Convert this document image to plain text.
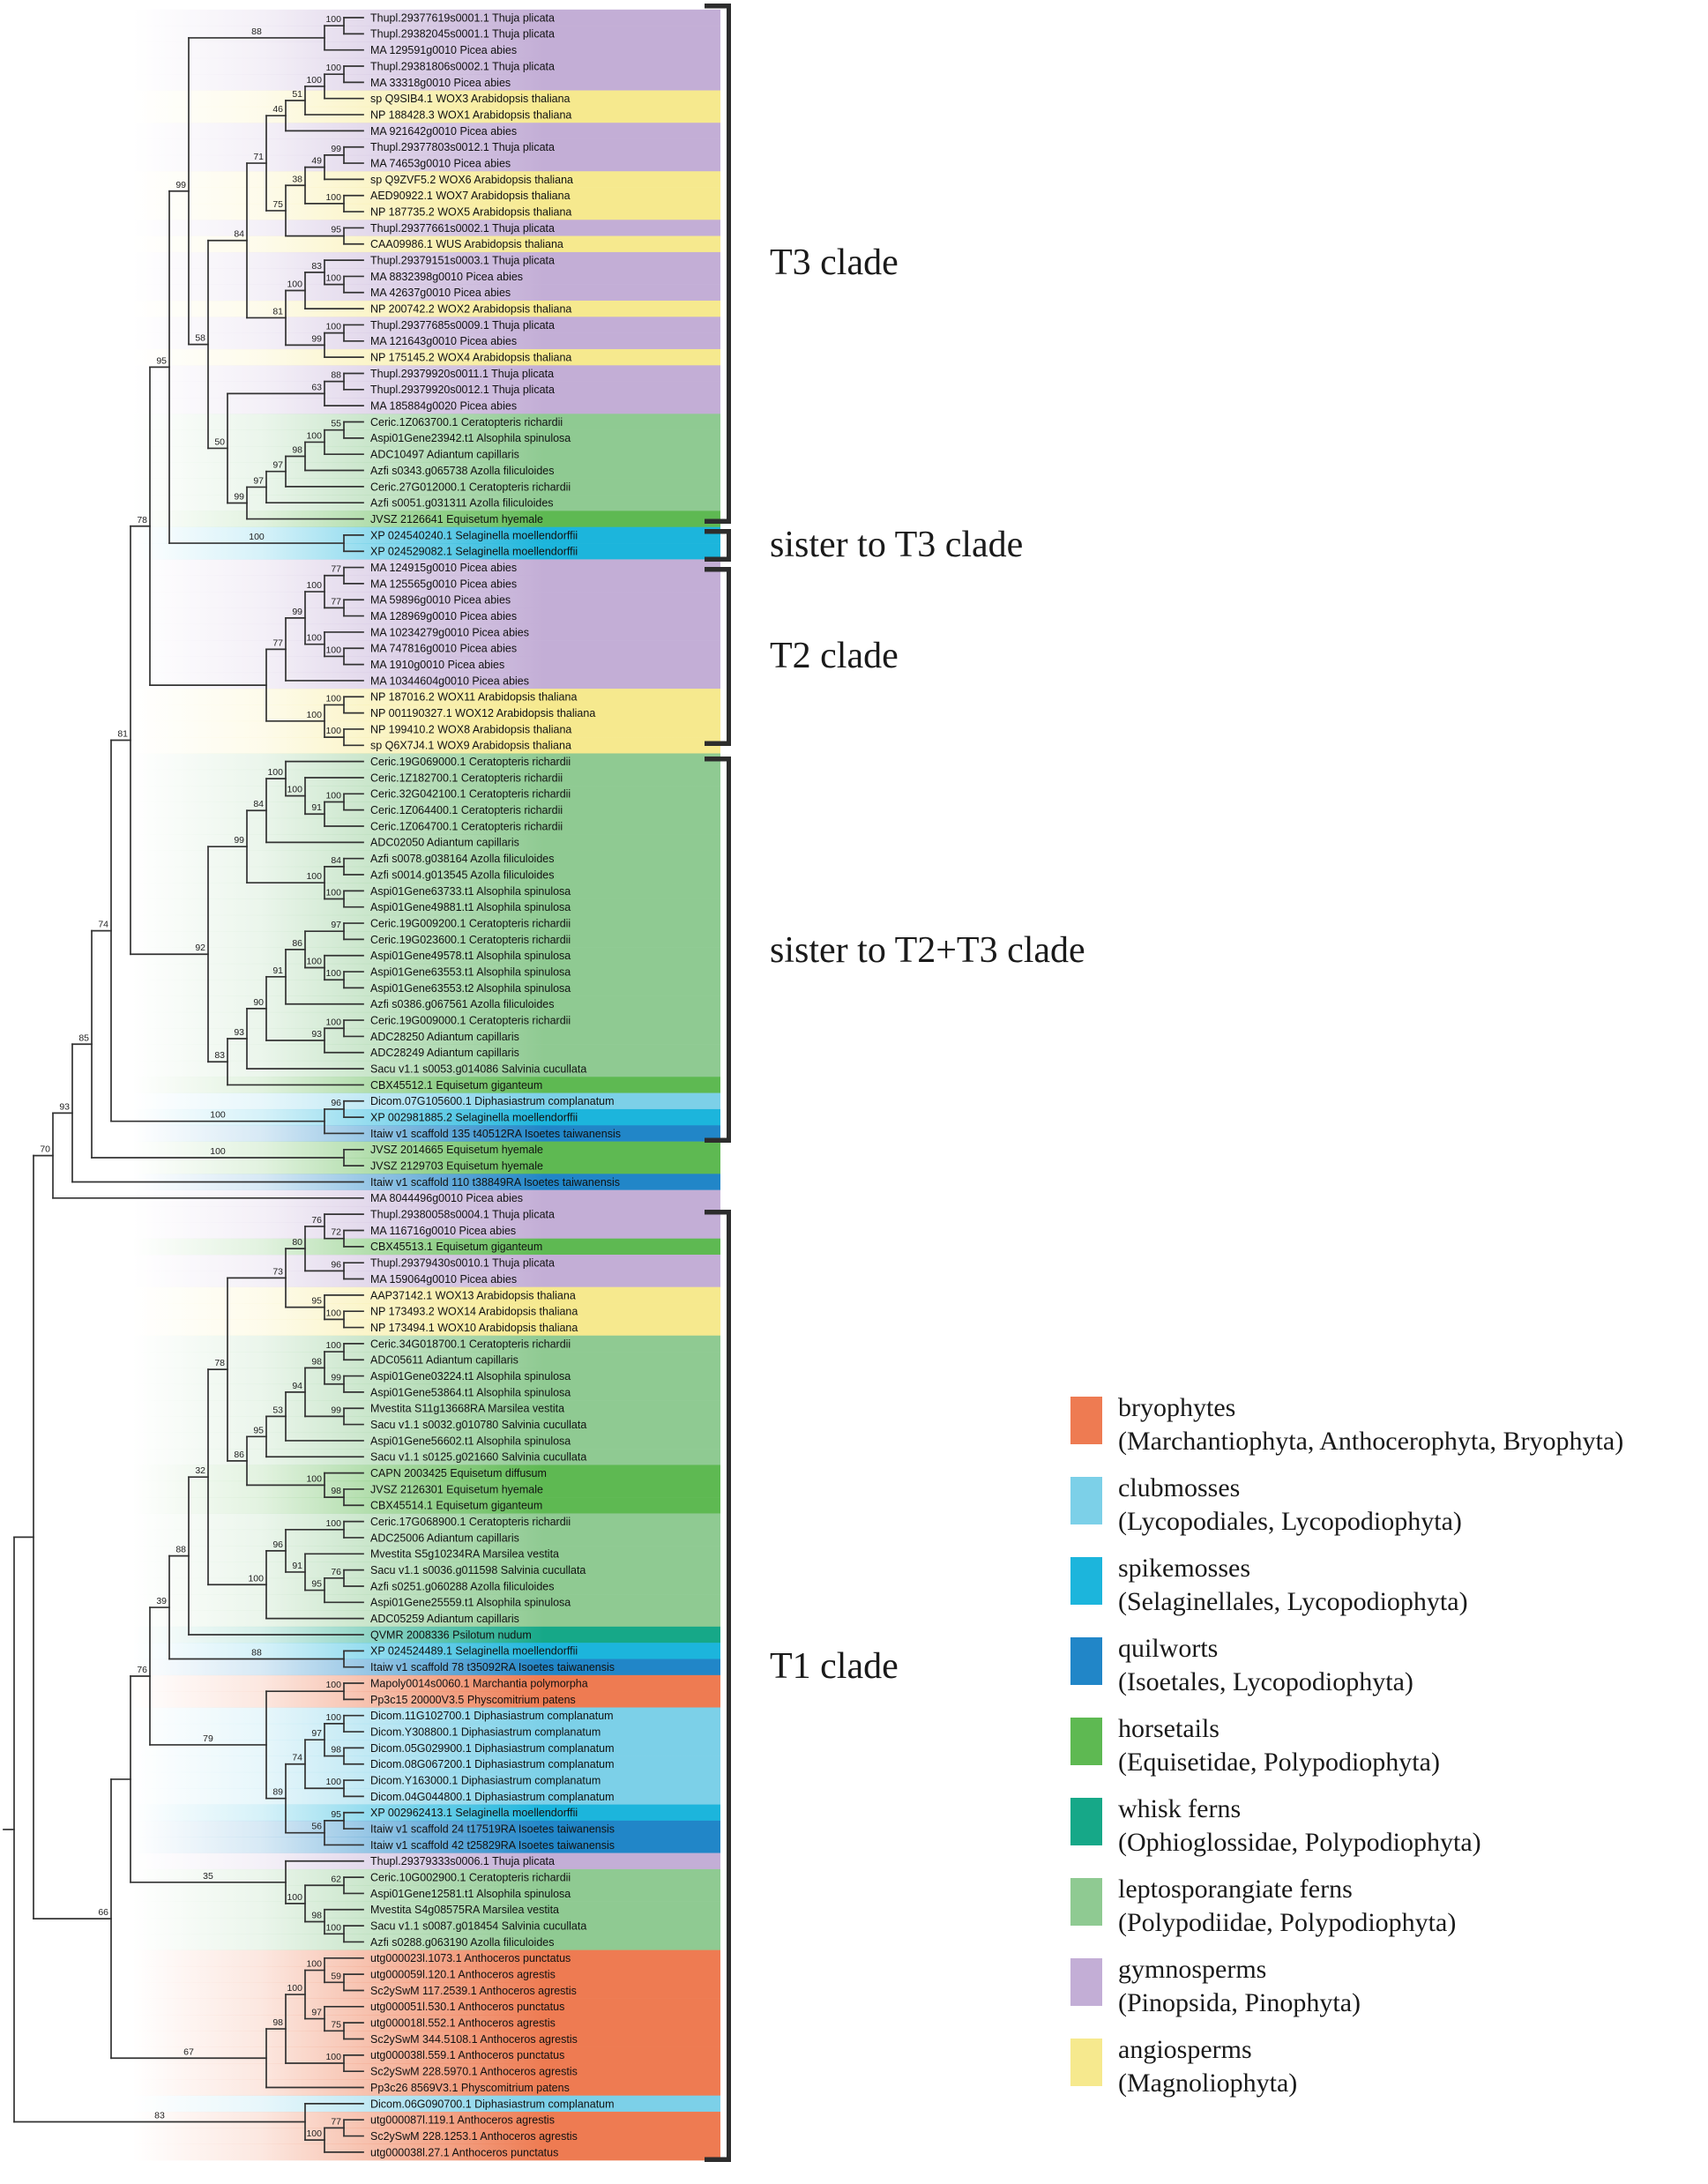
Thupl.29377619s0001.1 Thuja plicata
Thupl.29382045s0001.1 Thuja plicata
MA 129591g0010 Picea abies
Thupl.29381806s0002.1 Thuja plicata
MA 33318g0010 Picea abies
sp Q9SIB4.1 WOX3 Arabidopsis thaliana
NP 188428.3 WOX1 Arabidopsis thaliana
MA 921642g0010 Picea abies
Thupl.29377803s0012.1 Thuja plicata
MA 74653g0010 Picea abies
sp Q9ZVF5.2 WOX6 Arabidopsis thaliana
AED90922.1 WOX7 Arabidopsis thaliana
NP 187735.2 WOX5 Arabidopsis thaliana
Thupl.29377661s0002.1 Thuja plicata
CAA09986.1 WUS Arabidopsis thaliana
Thupl.29379151s0003.1 Thuja plicata
MA 8832398g0010 Picea abies
MA 42637g0010 Picea abies
NP 200742.2 WOX2 Arabidopsis thaliana
Thupl.29377685s0009.1 Thuja plicata
MA 121643g0010 Picea abies
NP 175145.2 WOX4 Arabidopsis thaliana
Thupl.29379920s0011.1 Thuja plicata
Thupl.29379920s0012.1 Thuja plicata
MA 185884g0020 Picea abies
Ceric.1Z063700.1 Ceratopteris richardii
Aspi01Gene23942.t1 Alsophila spinulosa
ADC10497 Adiantum capillaris
Azfi s0343.g065738 Azolla filiculoides
Ceric.27G012000.1 Ceratopteris richardii
Azfi s0051.g031311 Azolla filiculoides
JVSZ 2126641 Equisetum hyemale
XP 024540240.1 Selaginella moellendorffii
XP 024529082.1 Selaginella moellendorffii
MA 124915g0010 Picea abies
MA 125565g0010 Picea abies
MA 59896g0010 Picea abies
MA 128969g0010 Picea abies
MA 10234279g0010 Picea abies
MA 747816g0010 Picea abies
MA 1910g0010 Picea abies
MA 10344604g0010 Picea abies
NP 187016.2 WOX11 Arabidopsis thaliana
NP 001190327.1 WOX12 Arabidopsis thaliana
NP 199410.2 WOX8 Arabidopsis thaliana
sp Q6X7J4.1 WOX9 Arabidopsis thaliana
Ceric.19G069000.1 Ceratopteris richardii
Ceric.1Z182700.1 Ceratopteris richardii
Ceric.32G042100.1 Ceratopteris richardii
Ceric.1Z064400.1 Ceratopteris richardii
Ceric.1Z064700.1 Ceratopteris richardii
ADC02050 Adiantum capillaris
Azfi s0078.g038164 Azolla filiculoides
Azfi s0014.g013545 Azolla filiculoides
Aspi01Gene63733.t1 Alsophila spinulosa
Aspi01Gene49881.t1 Alsophila spinulosa
Ceric.19G009200.1 Ceratopteris richardii
Ceric.19G023600.1 Ceratopteris richardii
Aspi01Gene49578.t1 Alsophila spinulosa
Aspi01Gene63553.t1 Alsophila spinulosa
Aspi01Gene63553.t2 Alsophila spinulosa
Azfi s0386.g067561 Azolla filiculoides
Ceric.19G009000.1 Ceratopteris richardii
ADC28250 Adiantum capillaris
ADC28249 Adiantum capillaris
Sacu v1.1 s0053.g014086 Salvinia cucullata
CBX45512.1 Equisetum giganteum
Dicom.07G105600.1 Diphasiastrum complanatum
XP 002981885.2 Selaginella moellendorffii
Itaiw v1 scaffold 135 t40512RA Isoetes taiwanensis
JVSZ 2014665 Equisetum hyemale
JVSZ 2129703 Equisetum hyemale
Itaiw v1 scaffold 110 t38849RA Isoetes taiwanensis
MA 8044496g0010 Picea abies
Thupl.29380058s0004.1 Thuja plicata
MA 116716g0010 Picea abies
CBX45513.1 Equisetum giganteum
Thupl.29379430s0010.1 Thuja plicata
MA 159064g0010 Picea abies
AAP37142.1 WOX13 Arabidopsis thaliana
NP 173493.2 WOX14 Arabidopsis thaliana
NP 173494.1 WOX10 Arabidopsis thaliana
Ceric.34G018700.1 Ceratopteris richardii
ADC05611 Adiantum capillaris
Aspi01Gene03224.t1 Alsophila spinulosa
Aspi01Gene53864.t1 Alsophila spinulosa
Mvestita S11g13668RA Marsilea vestita
Sacu v1.1 s0032.g010780 Salvinia cucullata
Aspi01Gene56602.t1 Alsophila spinulosa
Sacu v1.1 s0125.g021660 Salvinia cucullata
CAPN 2003425 Equisetum diffusum
JVSZ 2126301 Equisetum hyemale
CBX45514.1 Equisetum giganteum
Ceric.17G068900.1 Ceratopteris richardii
ADC25006 Adiantum capillaris
Mvestita S5g10234RA Marsilea vestita
Sacu v1.1 s0036.g011598 Salvinia cucullata
Azfi s0251.g060288 Azolla filiculoides
Aspi01Gene25559.t1 Alsophila spinulosa
ADC05259 Adiantum capillaris
QVMR 2008336 Psilotum nudum
XP 024524489.1 Selaginella moellendorffii
Itaiw v1 scaffold 78 t35092RA Isoetes taiwanensis
Mapoly0014s0060.1 Marchantia polymorpha
Pp3c15 20000V3.5 Physcomitrium patens
Dicom.11G102700.1 Diphasiastrum complanatum
Dicom.Y308800.1 Diphasiastrum complanatum
Dicom.05G029900.1 Diphasiastrum complanatum
Dicom.08G067200.1 Diphasiastrum complanatum
Dicom.Y163000.1 Diphasiastrum complanatum
Dicom.04G044800.1 Diphasiastrum complanatum
XP 002962413.1 Selaginella moellendorffii
Itaiw v1 scaffold 24 t17519RA Isoetes taiwanensis
Itaiw v1 scaffold 42 t25829RA Isoetes taiwanensis
Thupl.29379333s0006.1 Thuja plicata
Ceric.10G002900.1 Ceratopteris richardii
Aspi01Gene12581.t1 Alsophila spinulosa
Mvestita S4g08575RA Marsilea vestita
Sacu v1.1 s0087.g018454 Salvinia cucullata
Azfi s0288.g063190 Azolla filiculoides
utg000023l.1073.1 Anthoceros punctatus
utg000059l.120.1 Anthoceros agrestis
Sc2ySwM 117.2539.1 Anthoceros agrestis
utg000051l.530.1 Anthoceros punctatus
utg000018l.552.1 Anthoceros agrestis
Sc2ySwM 344.5108.1 Anthoceros agrestis
utg000038l.559.1 Anthoceros punctatus
Sc2ySwM 228.5970.1 Anthoceros agrestis
Pp3c26 8569V3.1 Physcomitrium patens
Dicom.06G090700.1 Diphasiastrum complanatum
utg000087l.119.1 Anthoceros agrestis
Sc2ySwM 228.1253.1 Anthoceros agrestis
utg000038l.27.1 Anthoceros punctatus
70
93
85
74
81
78
95
99
88
100
58
84
71
46
51
100
100
75
38
49
99
100
95
81
100
83
100
99
100
50
63
88
99
97
97
98
100
55
100
77
99
100
77
77
100
100
100
100
100
92
99
84
100
100
91
100
100
84
100
83
93
90
91
86
97
100
100
93
100
100
96
100
66
76
39
88
32
78
73
80
76
72
96
95
100
86
95
53
94
98
100
99
99
100
98
100
96
100
91
95
76
88
79
100
89
74
97
100
98
100
56
95
35
100
62
98
100
67
98
100
100
59
97
75
100
83
100
77
T3 clade
sister to T3 clade
T2 clade
sister to T2+T3 clade
T1 clade
bryophytes
(Marchantiophyta, Anthocerophyta, Bryophyta)
clubmosses
(Lycopodiales, Lycopodiophyta)
spikemosses
(Selaginellales, Lycopodiophyta)
quilworts
(Isoetales, Lycopodiophyta)
horsetails
(Equisetidae, Polypodiophyta)
whisk ferns
(Ophioglossidae, Polypodiophyta)
leptosporangiate ferns
(Polypodiidae, Polypodiophyta)
gymnosperms
(Pinopsida, Pinophyta)
angiosperms
(Magnoliophyta)
